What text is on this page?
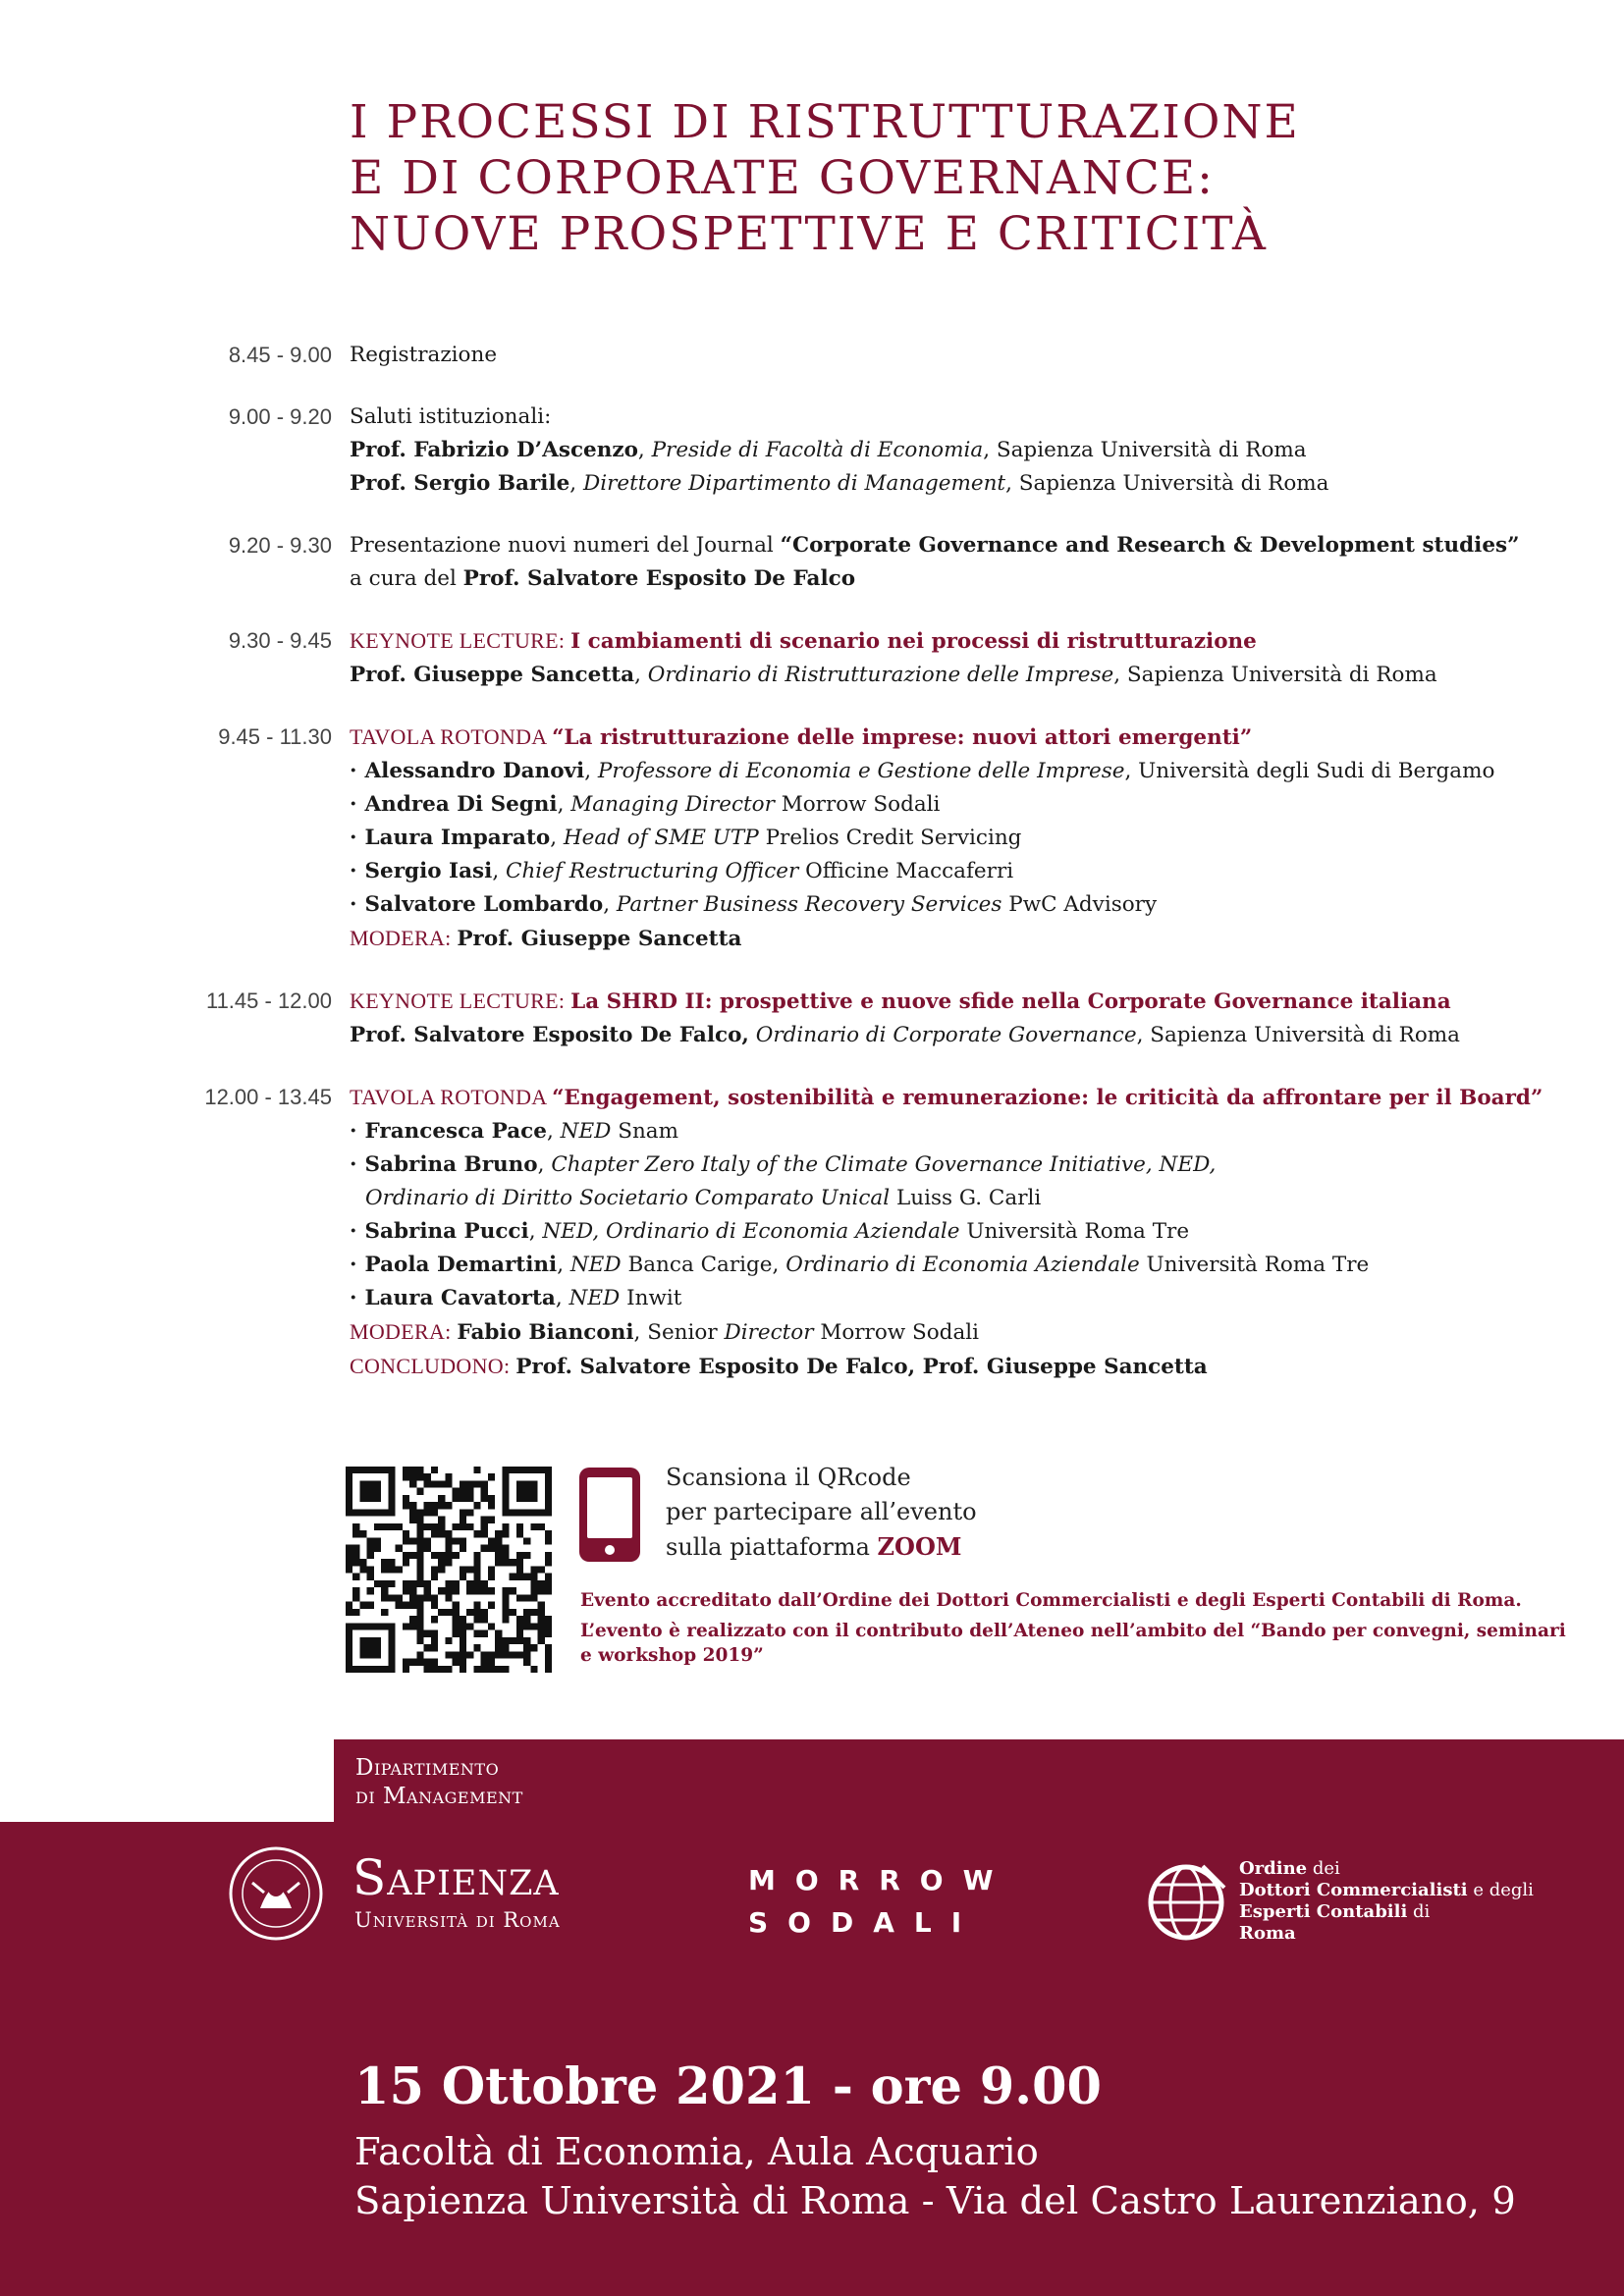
I PROCESSI DI RISTRUTTURAZIONE
E DI CORPORATE GOVERNANCE:
NUOVE PROSPETTIVE E CRITICITÀ
8.45 - 9.00 Registrazione
9.00 - 9.20 Saluti istituzionali:
Prof. Fabrizio D’Ascenzo, Preside di Facoltà di Economia, Sapienza Università di Roma
Prof. Sergio Barile, Direttore Dipartimento di Management, Sapienza Università di Roma
9.20 - 9.30 Presentazione nuovi numeri del Journal “Corporate Governance and Research & Development studies”
a cura del Prof. Salvatore Esposito De Falco
9.30 - 9.45 KEYNOTE LECTURE: I cambiamenti di scenario nei processi di ristrutturazione
Prof. Giuseppe Sancetta, Ordinario di Ristrutturazione delle Imprese, Sapienza Università di Roma
9.45 - 11.30 TAVOLA ROTONDA “La ristrutturazione delle imprese: nuovi attori emergenti”
· Alessandro Danovi, Professore di Economia e Gestione delle Imprese, Università degli Sudi di Bergamo
· Andrea Di Segni, Managing Director Morrow Sodali
· Laura Imparato, Head of SME UTP Prelios Credit Servicing
· Sergio Iasi, Chief Restructuring Officer Officine Maccaferri
· Salvatore Lombardo, Partner Business Recovery Services PwC Advisory
MODERA: Prof. Giuseppe Sancetta
11.45 - 12.00 KEYNOTE LECTURE: La SHRD II: prospettive e nuove sfide nella Corporate Governance italiana
Prof. Salvatore Esposito De Falco, Ordinario di Corporate Governance, Sapienza Università di Roma
12.00 - 13.45 TAVOLA ROTONDA “Engagement, sostenibilità e remunerazione: le criticità da affrontare per il Board”
· Francesca Pace, NED Snam
· Sabrina Bruno, Chapter Zero Italy of the Climate Governance Initiative, NED,
Ordinario di Diritto Societario Comparato Unical Luiss G. Carli
· Sabrina Pucci, NED, Ordinario di Economia Aziendale Università Roma Tre
· Paola Demartini, NED Banca Carige, Ordinario di Economia Aziendale Università Roma Tre
· Laura Cavatorta, NED Inwit
MODERA: Fabio Bianconi, Senior Director Morrow Sodali
CONCLUDONO: Prof. Salvatore Esposito De Falco, Prof. Giuseppe Sancetta
Scansiona il QRcode
per partecipare all’evento
sulla piattaforma ZOOM
Evento accreditato dall’Ordine dei Dottori Commercialisti e degli Esperti Contabili di Roma.
L’evento è realizzato con il contributo dell’Ateneo nell’ambito del “Bando per convegni, seminari e workshop 2019”
Dipartimento
di Management
Sapienza
Università di Roma
MORROW
SODALI
Ordine dei
Dottori Commercialisti e degli
Esperti Contabili di
Roma
15 Ottobre 2021 - ore 9.00
Facoltà di Economia, Aula Acquario
Sapienza Università di Roma - Via del Castro Laurenziano, 9
